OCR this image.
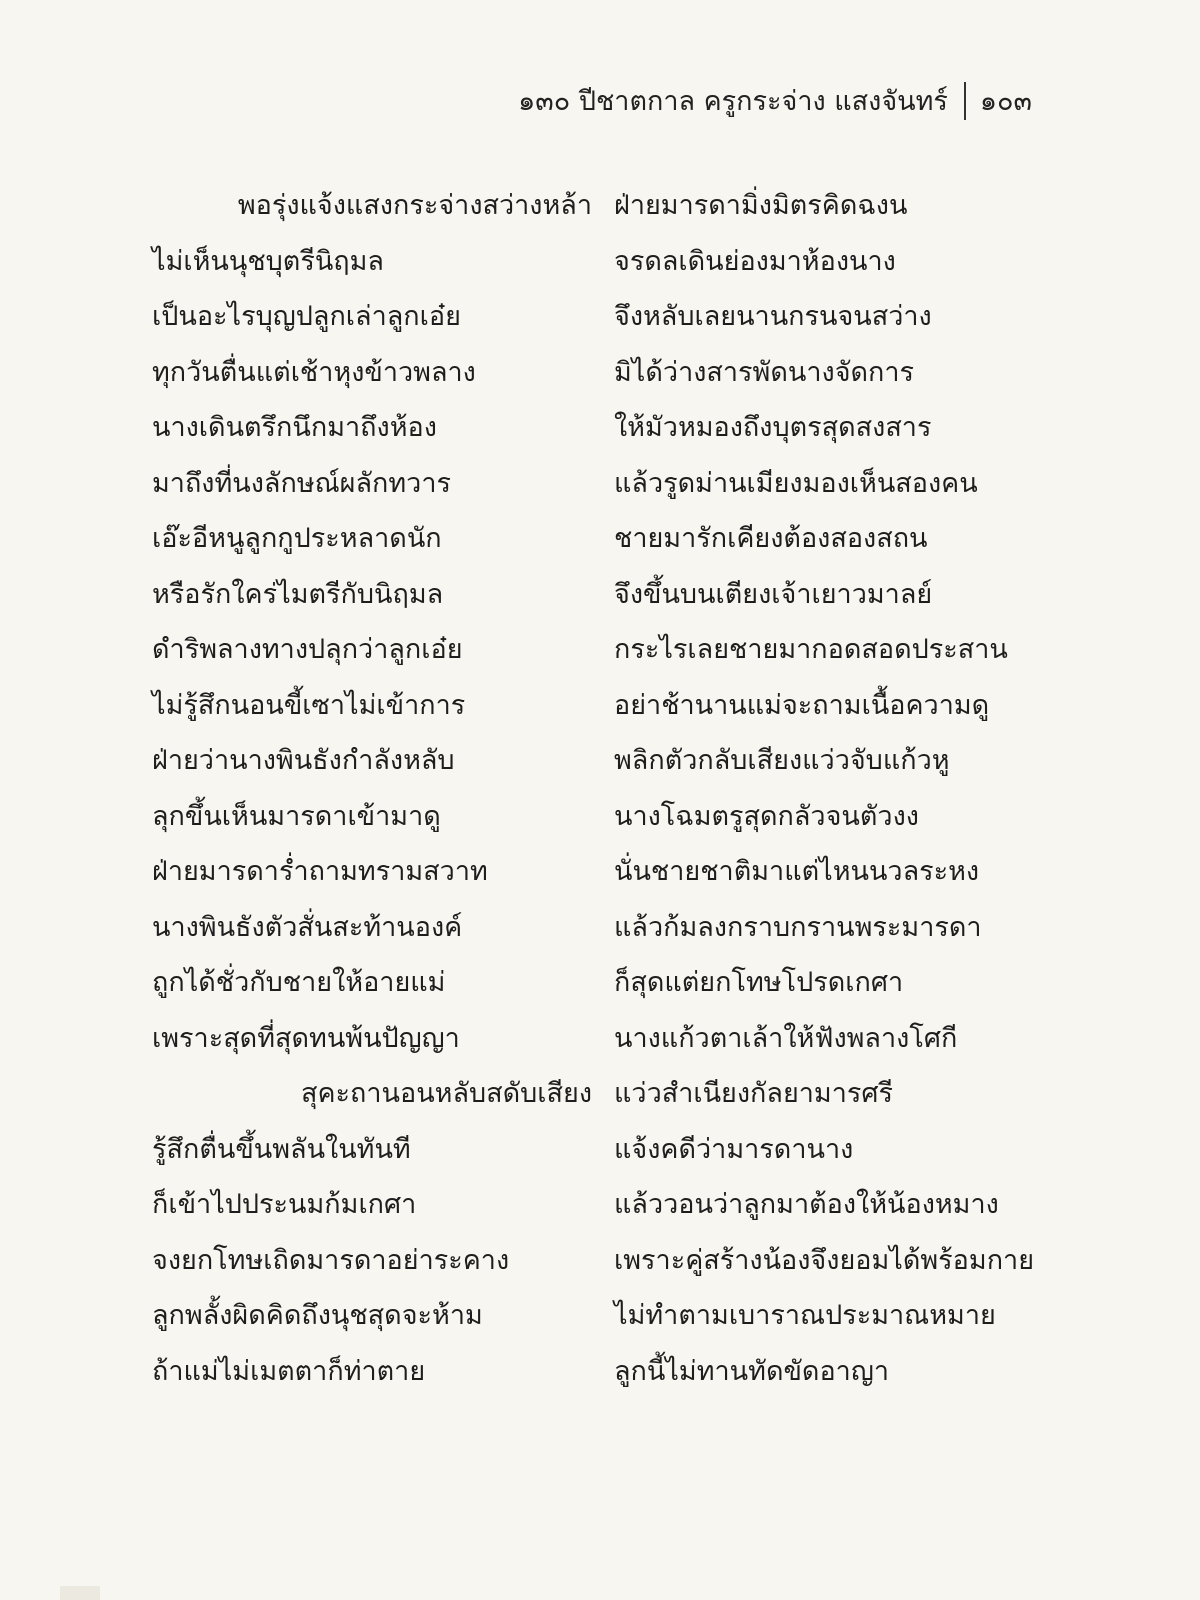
๑๓๐ ปีชาตกาล ครูกระจ่าง แสงจันทร์ ๑๐๓
พอรุ่งแจ้งแสงกระจ่างสว่างหล้า ฝ่ายมารดามิ่งมิตรคิดฉงน
ไม่เห็นนุชบุตรีนิฤมล	จรดลเดินย่องมาห้องนาง
เป็นอะไรบุญปลูกเล่าลูกเอ๋ย	จึงหลับเลยนานกรนจนสว่าง
ทุกวันตื่นแต่เช้าหุงข้าวพลาง	มิได้ว่างสารพัดนางจัดการ
นางเดินตรึกนึกมาถึงห้อง	ให้มัวหมองถึงบุตรสุดสงสาร
มาถึงที่นงลักษณ์ผลักทวาร	แล้วรูดม่านเมียงมองเห็นสองคน
เอ๊ะอีหนูลูกกูประหลาดนัก	ชายมารักเคียงต้องสองสถน
หรือรักใคร่ไมตรีกับนิฤมล	จึงขึ้นบนเตียงเจ้าเยาวมาลย์
ดำริพลางทางปลุกว่าลูกเอ๋ย	กระไรเลยชายมากอดสอดประสาน
ไม่รู้สึกนอนขี้เซาไม่เข้าการ	อย่าช้านานแม่จะถามเนื้อความดู
ฝ่ายว่านางพินธังกำลังหลับ	พลิกตัวกลับเสียงแว่วจับแก้วหู
ลุกขึ้นเห็นมารดาเข้ามาดู	นางโฉมตรูสุดกลัวจนตัวงง
ฝ่ายมารดาร่ำถามทรามสวาท	นั่นชายชาติมาแต่ไหนนวลระหง
นางพินธังตัวสั่นสะท้านองค์	แล้วก้มลงกราบกรานพระมารดา
ถูกได้ชั่วกับชายให้อายแม่	ก็สุดแต่ยกโทษโปรดเกศา
เพราะสุดที่สุดทนพ้นปัญญา	นางแก้วตาเล้าให้ฟังพลางโศกี
สุคะถานอนหลับสดับเสียง แว่วสำเนียงกัลยามารศรี
รู้สึกตื่นขึ้นพลันในทันที	แจ้งคดีว่ามารดานาง
ก็เข้าไปประนมก้มเกศา	แล้ววอนว่าลูกมาต้องให้น้องหมาง
จงยกโทษเถิดมารดาอย่าระคาง	เพราะคู่สร้างน้องจึงยอมได้พร้อมกาย
ลูกพลั้งผิดคิดถึงนุชสุดจะห้าม	ไม่ทำตามเบาราณประมาณหมาย
ถ้าแม่ไม่เมตตาก็ท่าตาย	ลูกนี้ไม่ทานทัดขัดอาญา
